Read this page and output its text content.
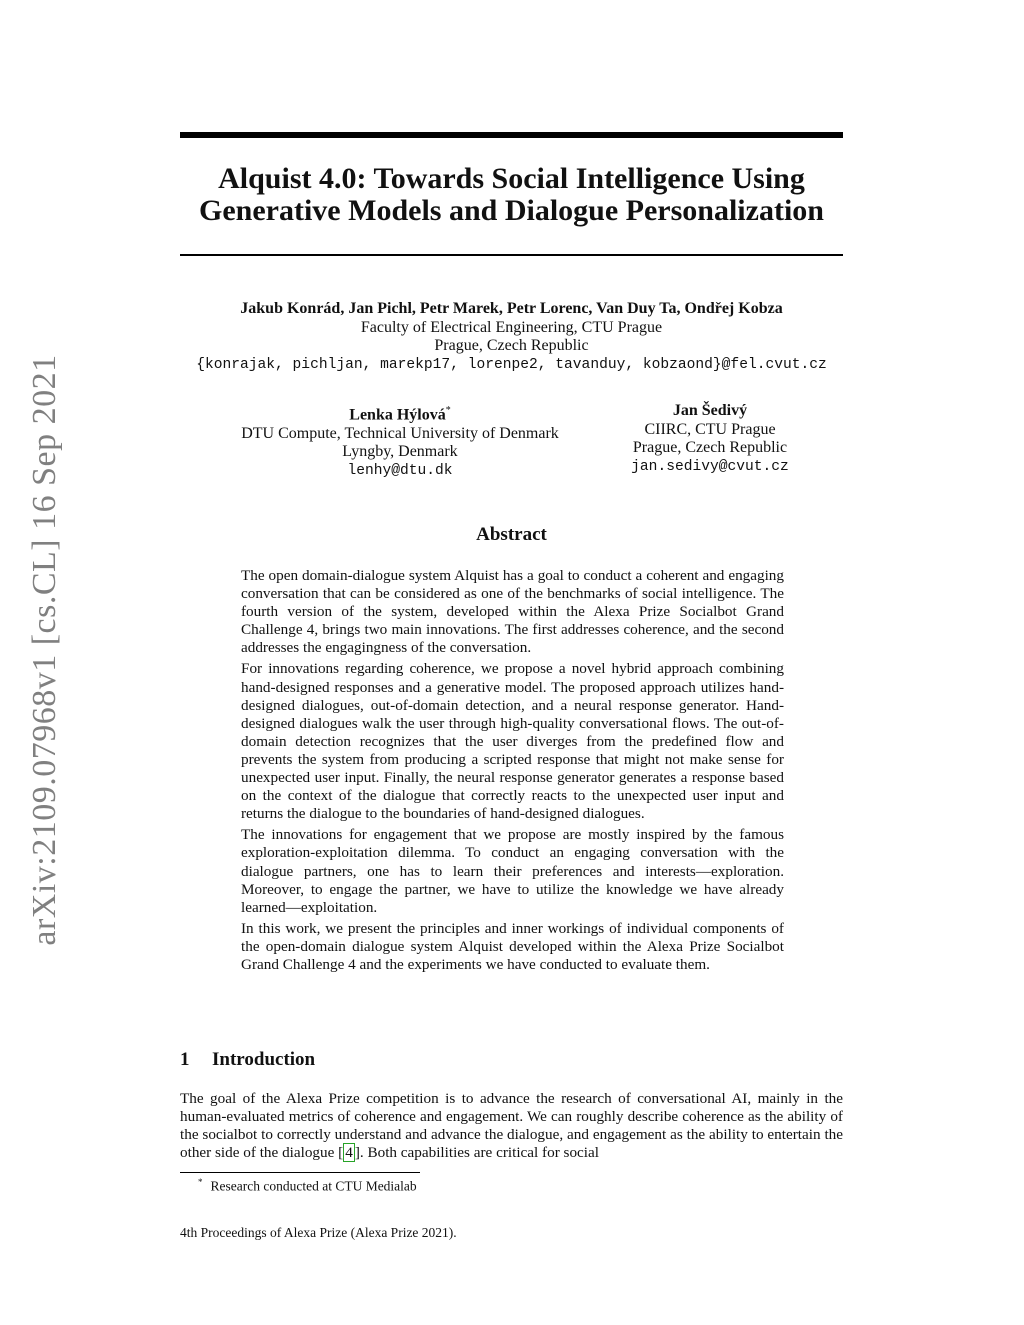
arXiv:2109.07968v1 [cs.CL] 16 Sep 2021
Alquist 4.0: Towards Social Intelligence Using
Generative Models and Dialogue Personalization
Jakub Konrád, Jan Pichl, Petr Marek, Petr Lorenc, Van Duy Ta, Ondřej Kobza
Faculty of Electrical Engineering, CTU Prague
Prague, Czech Republic
{konrajak, pichljan, marekp17, lorenpe2, tavanduy, kobzaond}@fel.cvut.cz
Lenka Hýlová*
DTU Compute, Technical University of Denmark
Lyngby, Denmark
lenhy@dtu.dk
Jan Šedivý
CIIRC, CTU Prague
Prague, Czech Republic
jan.sedivy@cvut.cz
Abstract

The open domain-dialogue system Alquist has a goal to conduct a coherent and engaging conversation that can be considered as one of the benchmarks of social intelligence. The fourth version of the system, developed within the Alexa Prize Socialbot Grand Challenge 4, brings two main innovations. The first addresses coherence, and the second addresses the engagingness of the conversation.

For innovations regarding coherence, we propose a novel hybrid approach combining hand-designed responses and a generative model. The proposed approach utilizes hand-designed dialogues, out-of-domain detection, and a neural response generator. Hand-designed dialogues walk the user through high-quality conversational flows. The out-of-domain detection recognizes that the user diverges from the predefined flow and prevents the system from producing a scripted response that might not make sense for unexpected user input. Finally, the neural response generator generates a response based on the context of the dialogue that correctly reacts to the unexpected user input and returns the dialogue to the boundaries of hand-designed dialogues.

The innovations for engagement that we propose are mostly inspired by the famous exploration-exploitation dilemma. To conduct an engaging conversation with the dialogue partners, one has to learn their preferences and interests—exploration. Moreover, to engage the partner, we have to utilize the knowledge we have already learned—exploitation.

In this work, we present the principles and inner workings of individual components of the open-domain dialogue system Alquist developed within the Alexa Prize Socialbot Grand Challenge 4 and the experiments we have conducted to evaluate them.

1 Introduction

The goal of the Alexa Prize competition is to advance the research of conversational AI, mainly in the human-evaluated metrics of coherence and engagement. We can roughly describe coherence as the ability of the socialbot to correctly understand and advance the dialogue, and engagement as the ability to entertain the other side of the dialogue [ 4 ]. Both capabilities are critical for social

* Research conducted at CTU Medialab
4th Proceedings of Alexa Prize (Alexa Prize 2021).
